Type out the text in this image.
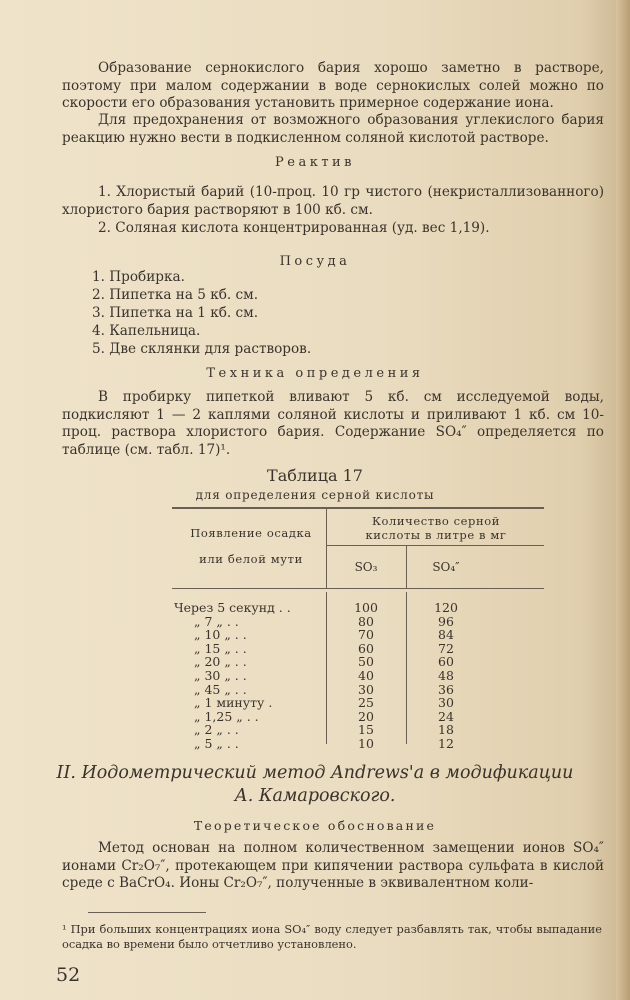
Образование сернокислого бария хорошо заметно в растворе, поэтому при малом содержании в воде сернокислых солей можно по скорости его образования установить примерное содержание иона.

Для предохранения от возможного образования углекислого бария реакцию нужно вести в подкисленном соляной кислотой растворе.

Реактив

1. Хлористый барий (10-проц. 10 гр чистого (некристаллизованного) хлористого бария растворяют в 100 кб. см.

2. Соляная кислота концентрированная (уд. вес 1,19).

Посуда

1. Пробирка.
2. Пипетка на 5 кб. см.
3. Пипетка на 1 кб. см.
4. Капельница.
5. Две склянки для растворов.

Техника определения

В пробирку пипеткой вливают 5 кб. см исследуемой воды, подкисляют 1 — 2 каплями соляной кислоты и приливают 1 кб. см 10-проц. раствора хлористого бария. Содержание SO₄″ определяется по таблице (см. табл. 17)¹.

Таблица 17

для определения серной кислоты

Появление осадка
или белой мути
Количество серной
кислоты в литре в мг
SO₃	SO₄″
Через 5 секунд . .	100	120
„ 7 „ . .	80	96
„ 10 „ . .	70	84
„ 15 „ . .	60	72
„ 20 „ . .	50	60
„ 30 „ . .	40	48
„ 45 „ . .	30	36
„ 1 минуту .	25	30
„ 1,25 „ . .	20	24
„ 2 „ . .	15	18
„ 5 „ . .	10	12

II. Иодометрический метод Andrews'а в модификации

А. Камаровского.

Теоретическое обоснование

Метод основан на полном количественном замещении ионов SO₄″ ионами Cr₂O₇″, протекающем при кипячении раствора сульфата в кислой среде с BaCrO₄. Ионы Cr₂O₇″, полученные в эквивалентном коли-

¹ При больших концентрациях иона SO₄″ воду следует разбавлять так, чтобы выпадание осадка во времени было отчетливо установлено.

52
